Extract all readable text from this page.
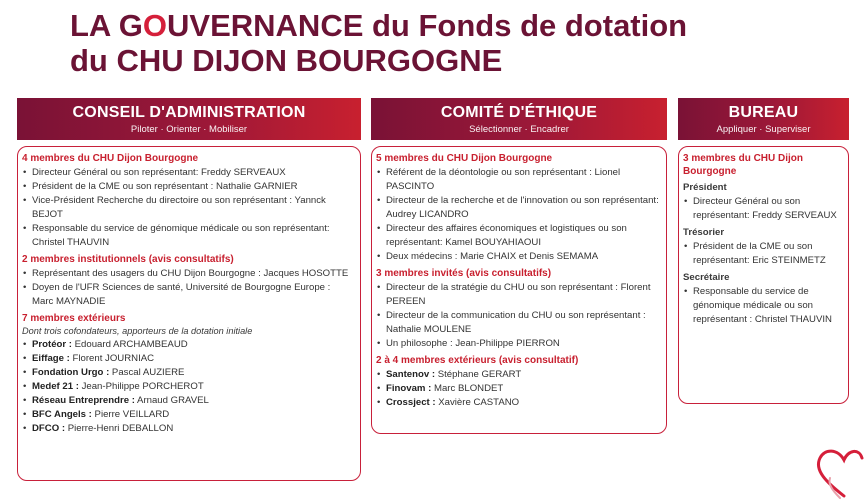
LA GOUVERNANCE du Fonds de dotation
du CHU DIJON BOURGOGNE
CONSEIL D'ADMINISTRATION
Piloter · Orienter · Mobiliser
4 membres du CHU Dijon Bourgogne
• Directeur Général ou son représentant: Freddy SERVEAUX
• Président de la CME ou son représentant : Nathalie GARNIER
• Vice-Président Recherche du directoire ou son représentant : Yannck BEJOT
• Responsable du service de génomique médicale ou son représentant: Christel THAUVIN
2 membres institutionnels (avis consultatifs)
• Représentant des usagers du CHU Dijon Bourgogne : Jacques HOSOTTE
• Doyen de l'UFR Sciences de santé, Université de Bourgogne Europe : Marc MAYNADIE
7 membres extérieurs
Dont trois cofondateurs, apporteurs de la dotation initiale
• Protéor : Edouard ARCHAMBEAUD
• Eiffage : Florent JOURNIAC
• Fondation Urgo : Pascal AUZIERE
• Medef 21 : Jean-Philippe PORCHEROT
• Réseau Entreprendre : Arnaud GRAVEL
• BFC Angels : Pierre VEILLARD
• DFCO : Pierre-Henri DEBALLON
COMITÉ D'ÉTHIQUE
Sélectionner · Encadrer
5 membres du CHU Dijon Bourgogne
• Référent de la déontologie ou son représentant : Lionel PASCINTO
• Directeur de la recherche et de l'innovation ou son représentant: Audrey LICANDRO
• Directeur des affaires économiques et logistiques ou son représentant: Kamel BOUYAHIAOUI
• Deux médecins : Marie CHAIX et Denis SEMAMA
3 membres invités (avis consultatifs)
• Directeur de la stratégie du CHU ou son représentant : Florent PEREEN
• Directeur de la communication du CHU ou son représentant : Nathalie MOULENE
• Un philosophe : Jean-Philippe PIERRON
2 à 4 membres extérieurs (avis consultatif)
• Santenov : Stéphane GERART
• Finovam : Marc BLONDET
• Crossject : Xavière CASTANO
BUREAU
Appliquer · Superviser
3 membres du CHU Dijon Bourgogne
Président
• Directeur Général ou son représentant: Freddy SERVEAUX
Trésorier
• Président de la CME ou son représentant: Eric STEINMETZ
Secrétaire
• Responsable du service de génomique médicale ou son représentant : Christel THAUVIN
